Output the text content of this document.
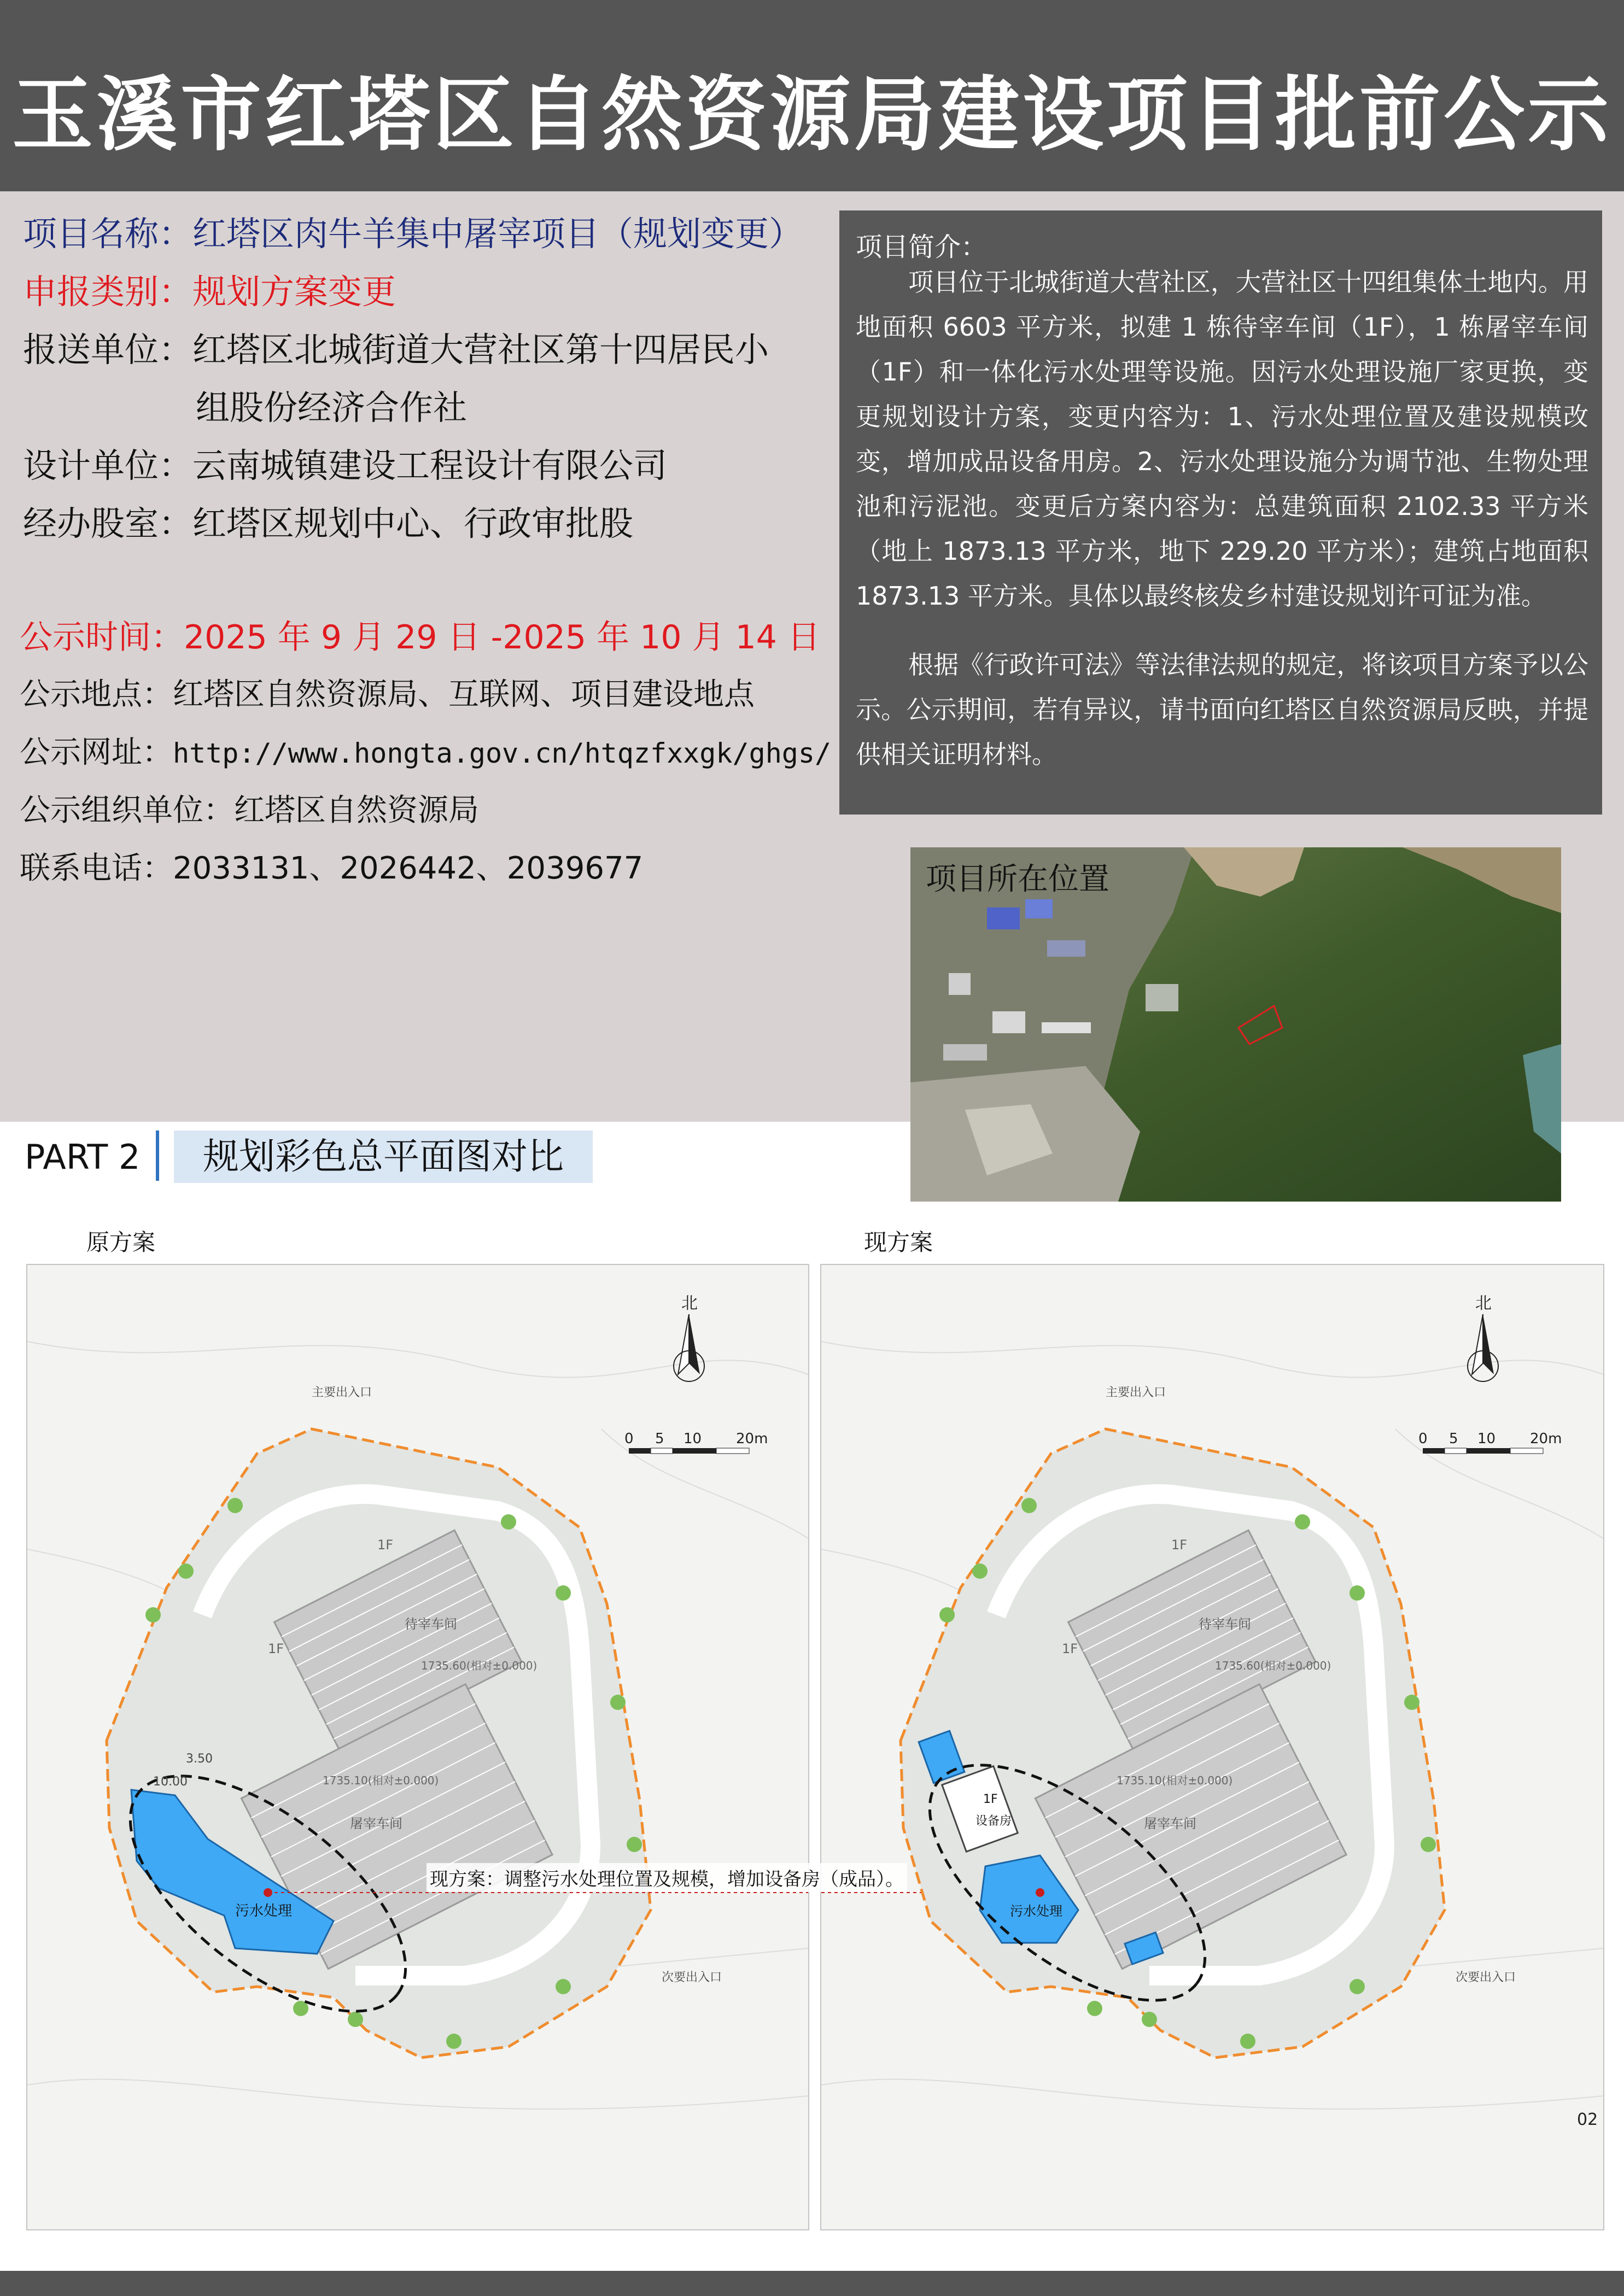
玉溪市红塔区自然资源局建设项目批前公示
项目名称：红塔区肉牛羊集中屠宰项目（规划变更）
申报类别：规划方案变更
报送单位：红塔区北城街道大营社区第十四居民小
组股份经济合作社
设计单位：云南城镇建设工程设计有限公司
经办股室：红塔区规划中心、行政审批股
公示时间：2025 年 9 月 29 日 -2025 年 10 月 14 日
公示地点：红塔区自然资源局、互联网、项目建设地点
公示网址：http://www.hongta.gov.cn/htqzfxxgk/ghgs/
公示组织单位：红塔区自然资源局
联系电话：2033131、2026442、2039677
项目简介：
项目位于北城街道大营社区，大营社区十四组集体土地内。用地面积 6603 平方米，拟建 1 栋待宰车间（1F），1 栋屠宰车间（1F）和一体化污水处理等设施。因污水处理设施厂家更换，变更规划设计方案，变更内容为：1、污水处理位置及建设规模改变，增加成品设备用房。2、污水处理设施分为调节池、生物处理池和污泥池。变更后方案内容为：总建筑面积 2102.33 平方米（地上 1873.13 平方米，地下 229.20 平方米）；建筑占地面积 1873.13 平方米。具体以最终核发乡村建设规划许可证为准。
根据《行政许可法》等法律法规的规定，将该项目方案予以公示。公示期间，若有异议，请书面向红塔区自然资源局反映，并提供相关证明材料。
项目所在位置
PART 2	规划彩色总平面图对比
原方案	现方案
北
0 5 10 20m
主要出入口
次要出入口
1F
1F
待宰车间
屠宰车间
1735.60(相对±0.000)
1735.10(相对±0.000)
10.00
3.50
污水处理
北
0 5 10 20m
主要出入口
次要出入口
1F
1F
待宰车间
屠宰车间
1735.60(相对±0.000)
1735.10(相对±0.000)
1F
设备房
污水处理
现方案：调整污水处理位置及规模，增加设备房（成品）。
02
